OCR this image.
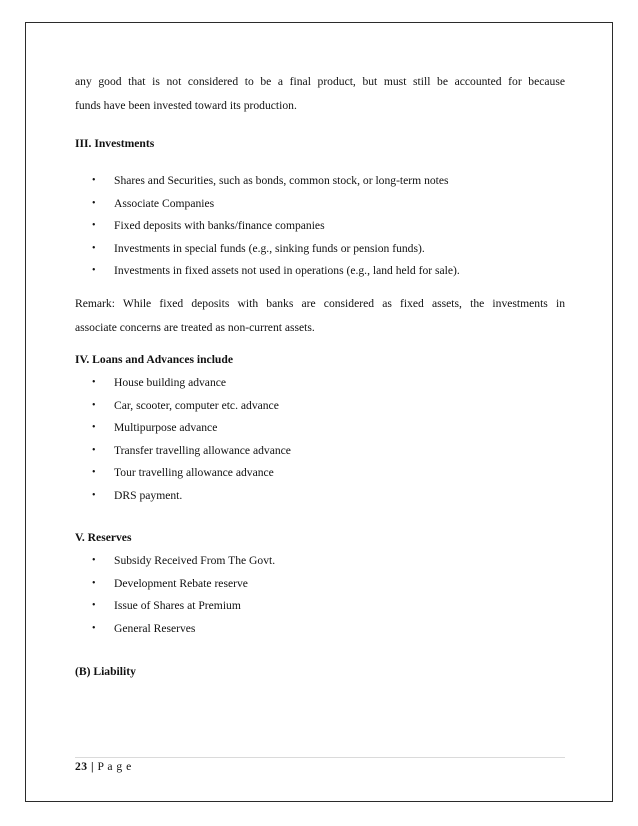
any good that is not considered to be a final product, but must still be accounted for because

funds have been invested toward its production.

III. Investments
• Shares and Securities, such as bonds, common stock, or long-term notes
• Associate Companies
• Fixed deposits with banks/finance companies
• Investments in special funds (e.g., sinking funds or pension funds).
• Investments in fixed assets not used in operations (e.g., land held for sale).

Remark: While fixed deposits with banks are considered as fixed assets, the investments in

associate concerns are treated as non-current assets.

IV. Loans and Advances include
• House building advance
• Car, scooter, computer etc. advance
• Multipurpose advance
• Transfer travelling allowance advance
• Tour travelling allowance advance
• DRS payment.
V. Reserves
• Subsidy Received From The Govt.
• Development Rebate reserve
• Issue of Shares at Premium
• General Reserves
(B) Liability
23 | P a g e
